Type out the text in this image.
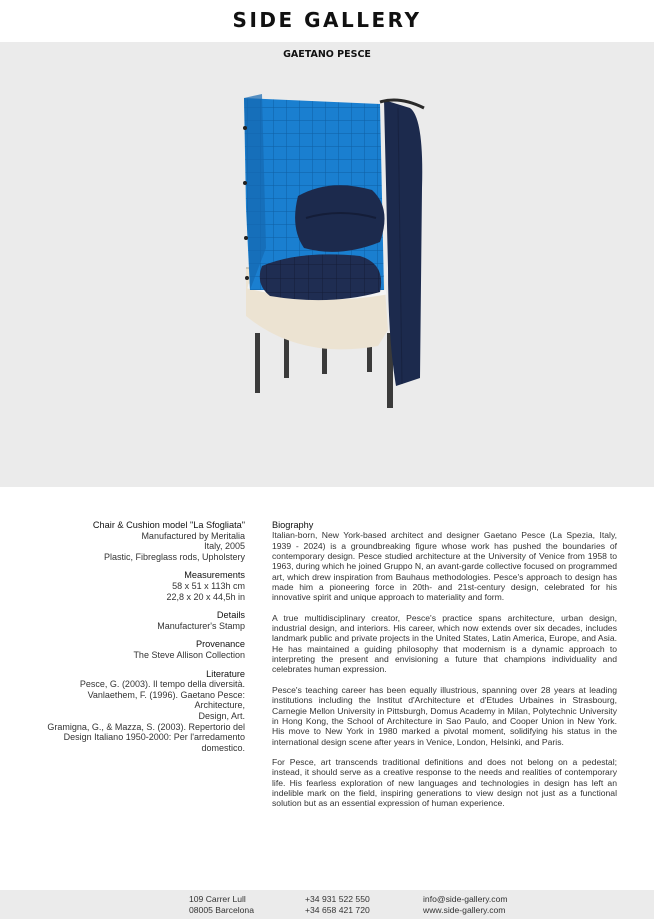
SIDE GALLERY
GAETANO PESCE
Chair & Cushion model "La Sfogliata"
Manufactured by Meritalia
Italy, 2005
Plastic, Fibreglass rods, Upholstery
Measurements
58 x 51 x 113h cm
22,8 x 20 x 44,5h in
Details
Manufacturer's Stamp
Provenance
The Steve Allison Collection
Literature
Pesce, G. (2003). Il tempo della diversità.
Vanlaethem, F. (1996). Gaetano Pesce: Architecture,
Design, Art.
Gramigna, G., & Mazza, S. (2003). Repertorio del
Design Italiano 1950-2000: Per l'arredamento
domestico.
Biography

Italian-born, New York-based architect and designer Gaetano Pesce (La Spezia, Italy, 1939 - 2024) is a groundbreaking figure whose work has pushed the boundaries of contemporary design. Pesce studied architecture at the University of Venice from 1958 to 1963, during which he joined Gruppo N, an avant-garde collective focused on programmed art, which drew inspiration from Bauhaus methodologies. Pesce's approach to design has made him a pioneering force in 20th- and 21st-century design, celebrated for his innovative spirit and unique approach to materiality and form.

A true multidisciplinary creator, Pesce's practice spans architecture, urban design, industrial design, and interiors. His career, which now extends over six decades, includes landmark public and private projects in the United States, Latin America, Europe, and Asia. He has maintained a guiding philosophy that modernism is a dynamic approach to interpreting the present and envisioning a future that champions individuality and celebrates human expression.

Pesce's teaching career has been equally illustrious, spanning over 28 years at leading institutions including the Institut d'Architecture et d'Etudes Urbaines in Strasbourg, Carnegie Mellon University in Pittsburgh, Domus Academy in Milan, Polytechnic University in Hong Kong, the School of Architecture in Sao Paulo, and Cooper Union in New York. His move to New York in 1980 marked a pivotal moment, solidifying his status in the international design scene after years in Venice, London, Helsinki, and Paris.

For Pesce, art transcends traditional definitions and does not belong on a pedestal; instead, it should serve as a creative response to the needs and realities of contemporary life. His fearless exploration of new languages and technologies in design has left an indelible mark on the field, inspiring generations to view design not just as a functional solution but as an essential expression of human experience.

109 Carrer Lull
08005 Barcelona
+34 931 522 550
+34 658 421 720
info@side-gallery.com
www.side-gallery.com
